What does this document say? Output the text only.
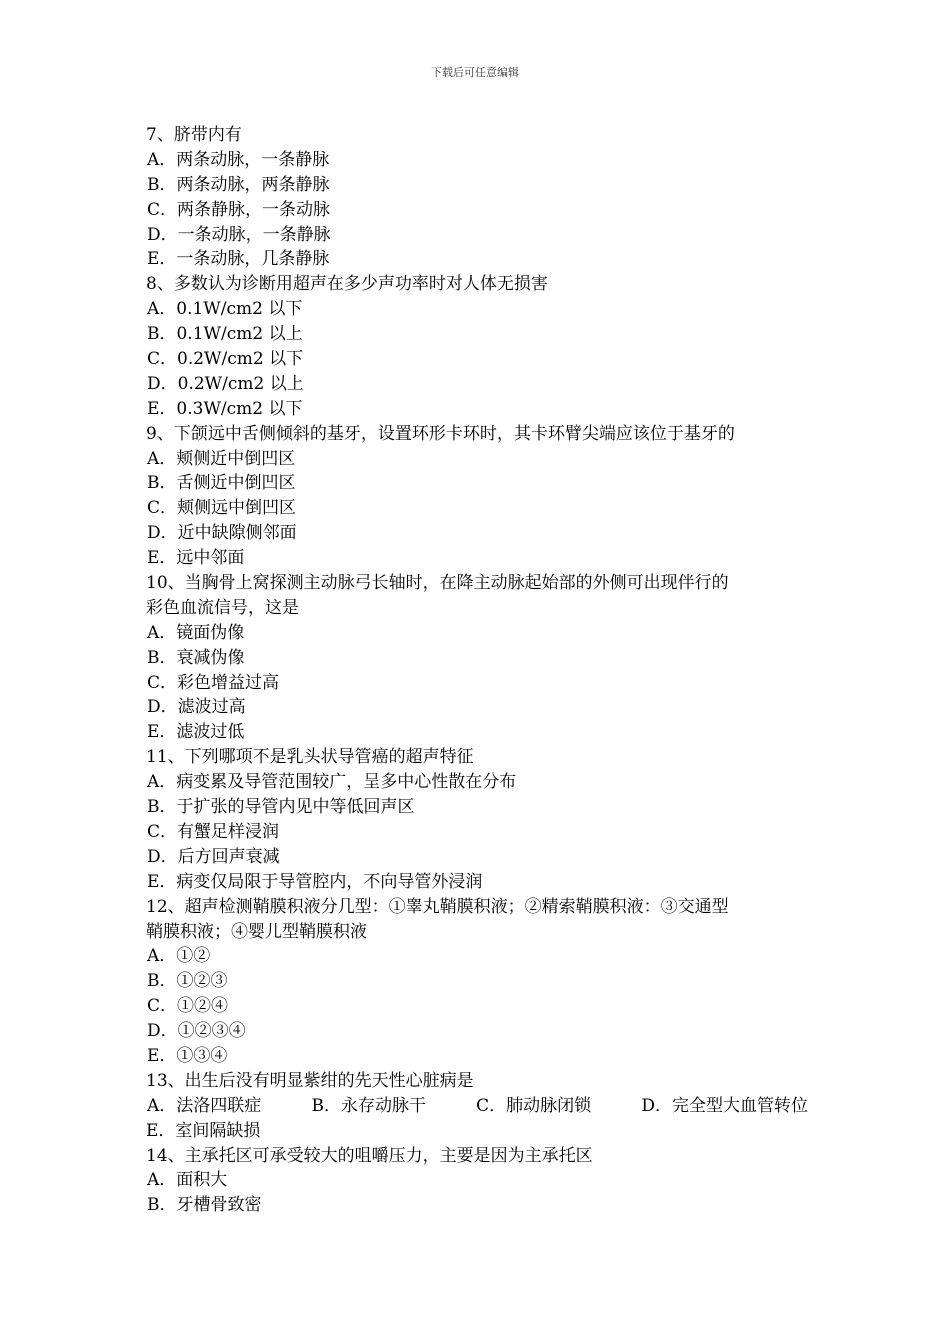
下载后可任意编辑
7、脐带内有
A．两条动脉，一条静脉
B．两条动脉，两条静脉
C．两条静脉，一条动脉
D．一条动脉，一条静脉
E．一条动脉，几条静脉
8、多数认为诊断用超声在多少声功率时对人体无损害
A．0.1W/cm2 以下
B．0.1W/cm2 以上
C．0.2W/cm2 以下
D．0.2W/cm2 以上
E．0.3W/cm2 以下
9、下颌远中舌侧倾斜的基牙，设置环形卡环时，其卡环臂尖端应该位于基牙的
A．颊侧近中倒凹区
B．舌侧近中倒凹区
C．颊侧远中倒凹区
D．近中缺隙侧邻面
E．远中邻面
10、当胸骨上窝探测主动脉弓长轴时，在降主动脉起始部的外侧可出现伴行的
彩色血流信号，这是
A．镜面伪像
B．衰减伪像
C．彩色增益过高
D．滤波过高
E．滤波过低
11、下列哪项不是乳头状导管癌的超声特征
A．病变累及导管范围较广，呈多中心性散在分布
B．于扩张的导管内见中等低回声区
C．有蟹足样浸润
D．后方回声衰减
E．病变仅局限于导管腔内，不向导管外浸润
12、超声检测鞘膜积液分几型：①睾丸鞘膜积液；②精索鞘膜积液：③交通型
鞘膜积液；④婴儿型鞘膜积液
A．①②
B．①②③
C．①②④
D．①②③④
E．①③④
13、出生后没有明显紫绀的先天性心脏病是
A．法洛四联症	B．永存动脉干	C．肺动脉闭锁	D．完全型大血管转位
E．室间隔缺损
14、主承托区可承受较大的咀嚼压力，主要是因为主承托区
A．面积大
B．牙槽骨致密
